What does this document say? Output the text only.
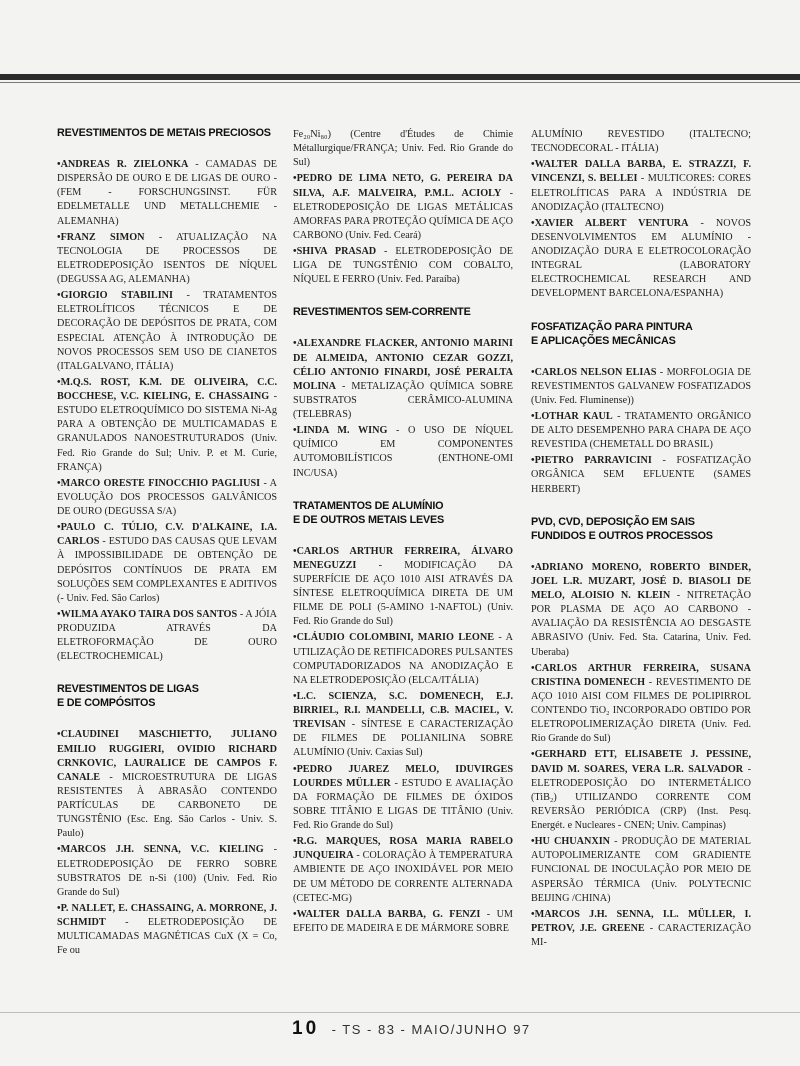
REVESTIMENTOS DE METAIS PRECIOSOS
•ANDREAS R. ZIELONKA - CAMADAS DE DISPERSÃO DE OURO E DE LIGAS DE OURO - (FEM - FORSCHUNGSINST. FÜR EDELMETALLE UND METALLCHEMIE - ALEMANHA)
•FRANZ SIMON - ATUALIZAÇÃO NA TECNOLOGIA DE PROCESSOS DE ELETRODEPOSIÇÃO ISENTOS DE NÍQUEL (DEGUSSA AG, ALEMANHA)
•GIORGIO STABILINI - TRATAMENTOS ELETROLÍTICOS TÉCNICOS E DE DECORAÇÃO DE DEPÓSITOS DE PRATA, COM ESPECIAL ATENÇÃO À INTRODUÇÃO DE NOVOS PROCESSOS SEM USO DE CIANETOS (ITALGALVANO, ITÁLIA)
•M.Q.S. ROST, K.M. DE OLIVEIRA, C.C. BOCCHESE, V.C. KIELING, E. CHASSAING - ESTUDO ELETROQUÍMICO DO SISTEMA Ni-Ag PARA A OBTENÇÃO DE MULTICAMADAS E GRANULADOS NANOESTRUTURADOS (Univ. Fed. Rio Grande do Sul; Univ. P. et M. Curie, FRANÇA)
•MARCO ORESTE FINOCCHIO PAGLIUSI - A EVOLUÇÃO DOS PROCESSOS GALVÂNICOS DE OURO (DEGUSSA S/A)
•PAULO C. TÚLIO, C.V. D'ALKAINE, I.A. CARLOS - ESTUDO DAS CAUSAS QUE LEVAM À IMPOSSIBILIDADE DE OBTENÇÃO DE DEPÓSITOS CONTÍNUOS DE PRATA EM SOLUÇÕES SEM COMPLEXANTES E ADITIVOS (- Univ. Fed. São Carlos)
•WILMA AYAKO TAIRA DOS SANTOS - A JÓIA PRODUZIDA ATRAVÉS DA ELETROFORMAÇÃO DE OURO (ELECTROCHEMICAL)
REVESTIMENTOS DE LIGAS
E DE COMPÓSITOS
•CLAUDINEI MASCHIETTO, JULIANO EMILIO RUGGIERI, OVIDIO RICHARD CRNKOVIC, LAURALICE DE CAMPOS F. CANALE - MICROESTRUTURA DE LIGAS RESISTENTES À ABRASÃO CONTENDO PARTÍCULAS DE CARBONETO DE TUNGSTÊNIO (Esc. Eng. São Carlos - Univ. S. Paulo)
•MARCOS J.H. SENNA, V.C. KIELING - ELETRODEPOSIÇÃO DE FERRO SOBRE SUBSTRATOS DE n-Si (100) (Univ. Fed. Rio Grande do Sul)
•P. NALLET, E. CHASSAING, A. MORRONE, J. SCHMIDT - ELETRODEPOSIÇÃO DE MULTICAMADAS MAGNÉTICAS CuX (X = Co, Fe ou
Fe₂₀Ni₈₀) (Centre d'Études de Chimie Métallurgique/FRANÇA; Univ. Fed. Rio Grande do Sul)
•PEDRO DE LIMA NETO, G. PEREIRA DA SILVA, A.F. MALVEIRA, P.M.L. ACIOLY - ELETRODEPOSIÇÃO DE LIGAS METÁLICAS AMORFAS PARA PROTEÇÃO QUÍMICA DE AÇO CARBONO (Univ. Fed. Ceará)
•SHIVA PRASAD - ELETRODEPOSIÇÃO DE LIGA DE TUNGSTÊNIO COM COBALTO, NÍQUEL E FERRO (Univ. Fed. Paraíba)
REVESTIMENTOS SEM-CORRENTE
•ALEXANDRE FLACKER, ANTONIO MARINI DE ALMEIDA, ANTONIO CEZAR GOZZI, CÉLIO ANTONIO FINARDI, JOSÉ PERALTA MOLINA - METALIZAÇÃO QUÍMICA SOBRE SUBSTRATOS CERÂMICO-ALUMINA (TELEBRAS)
•LINDA M. WING - O USO DE NÍQUEL QUÍMICO EM COMPONENTES AUTOMOBILÍSTICOS (ENTHONE-OMI INC/USA)
TRATAMENTOS DE ALUMÍNIO
E DE OUTROS METAIS LEVES
•CARLOS ARTHUR FERREIRA, ÁLVARO MENEGUZZI - MODIFICAÇÃO DA SUPERFÍCIE DE AÇO 1010 AISI ATRAVÉS DA SÍNTESE ELETROQUÍMICA DIRETA DE UM FILME DE POLI (5-AMINO 1-NAFTOL) (Univ. Fed. Rio Grande do Sul)
•CLÁUDIO COLOMBINI, MARIO LEONE - A UTILIZAÇÃO DE RETIFICADORES PULSANTES COMPUTADORIZADOS NA ANODIZAÇÃO E NA ELETRODEPOSIÇÃO (ELCA/ITÁLIA)
•L.C. SCIENZA, S.C. DOMENECH, E.J. BIRRIEL, R.I. MANDELLI, C.B. MACIEL, V. TREVISAN - SÍNTESE E CARACTERIZAÇÃO DE FILMES DE POLIANILINA SOBRE ALUMÍNIO (Univ. Caxias Sul)
•PEDRO JUAREZ MELO, IDUVIRGES LOURDES MÜLLER - ESTUDO E AVALIAÇÃO DA FORMAÇÃO DE FILMES DE ÓXIDOS SOBRE TITÂNIO E LIGAS DE TITÂNIO (Univ. Fed. Rio Grande do Sul)
•R.G. MARQUES, ROSA MARIA RABELO JUNQUEIRA - COLORAÇÃO À TEMPERATURA AMBIENTE DE AÇO INOXIDÁVEL POR MEIO DE UM MÉTODO DE CORRENTE ALTERNADA (CETEC-MG)
•WALTER DALLA BARBA, G. FENZI - UM EFEITO DE MADEIRA E DE MÁRMORE SOBRE
ALUMÍNIO REVESTIDO (ITALTECNO; TECNODECORAL - ITÁLIA)
•WALTER DALLA BARBA, E. STRAZZI, F. VINCENZI, S. BELLEI - MULTICORES: CORES ELETROLÍTICAS PARA A INDÚSTRIA DE ANODIZAÇÃO (ITALTECNO)
•XAVIER ALBERT VENTURA - NOVOS DESENVOLVIMENTOS EM ALUMÍNIO - ANODIZAÇÃO DURA E ELETROCOLORAÇÃO INTEGRAL (LABORATORY ELECTROCHEMICAL RESEARCH AND DEVELOPMENT BARCELONA/ESPANHA)
FOSFATIZAÇÃO PARA PINTURA
E APLICAÇÕES MECÂNICAS
•CARLOS NELSON ELIAS - MORFOLOGIA DE REVESTIMENTOS GALVANEW FOSFATIZADOS (Univ. Fed. Fluminense))
•LOTHAR KAUL - TRATAMENTO ORGÂNICO DE ALTO DESEMPENHO PARA CHAPA DE AÇO REVESTIDA (CHEMETALL DO BRASIL)
•PIETRO PARRAVICINI - FOSFATIZAÇÃO ORGÂNICA SEM EFLUENTE (SAMES HERBERT)
PVD, CVD, DEPOSIÇÃO EM SAIS
FUNDIDOS E OUTROS PROCESSOS
•ADRIANO MORENO, ROBERTO BINDER, JOEL L.R. MUZART, JOSÉ D. BIASOLI DE MELO, ALOISIO N. KLEIN - NITRETAÇÃO POR PLASMA DE AÇO AO CARBONO - AVALIAÇÃO DA RESISTÊNCIA AO DESGASTE ABRASIVO (Univ. Fed. Sta. Catarina, Univ. Fed. Uberaba)
•CARLOS ARTHUR FERREIRA, SUSANA CRISTINA DOMENECH - REVESTIMENTO DE AÇO 1010 AISI COM FILMES DE POLIPIRROL CONTENDO TiO₂ INCORPORADO OBTIDO POR ELETROPOLIMERIZAÇÃO DIRETA (Univ. Fed. Rio Grande do Sul)
•GERHARD ETT, ELISABETE J. PESSINE, DAVID M. SOARES, VERA L.R. SALVADOR - ELETRODEPOSIÇÃO DO INTERMETÁLICO (TiB₂) UTILIZANDO CORRENTE COM REVERSÃO PERIÓDICA (CRP) (Inst. Pesq. Energét. e Nucleares - CNEN; Univ. Campinas)
•HU CHUANXIN - PRODUÇÃO DE MATERIAL AUTOPOLIMERIZANTE COM GRADIENTE FUNCIONAL DE INOCULAÇÃO POR MEIO DE ASPERSÃO TÉRMICA (Univ. POLYTECNIC BEIJING /CHINA)
•MARCOS J.H. SENNA, I.L. MÜLLER, I. PETROV, J.E. GREENE - CARACTERIZAÇÃO MI-
10 - TS - 83 - MAIO/JUNHO 97
